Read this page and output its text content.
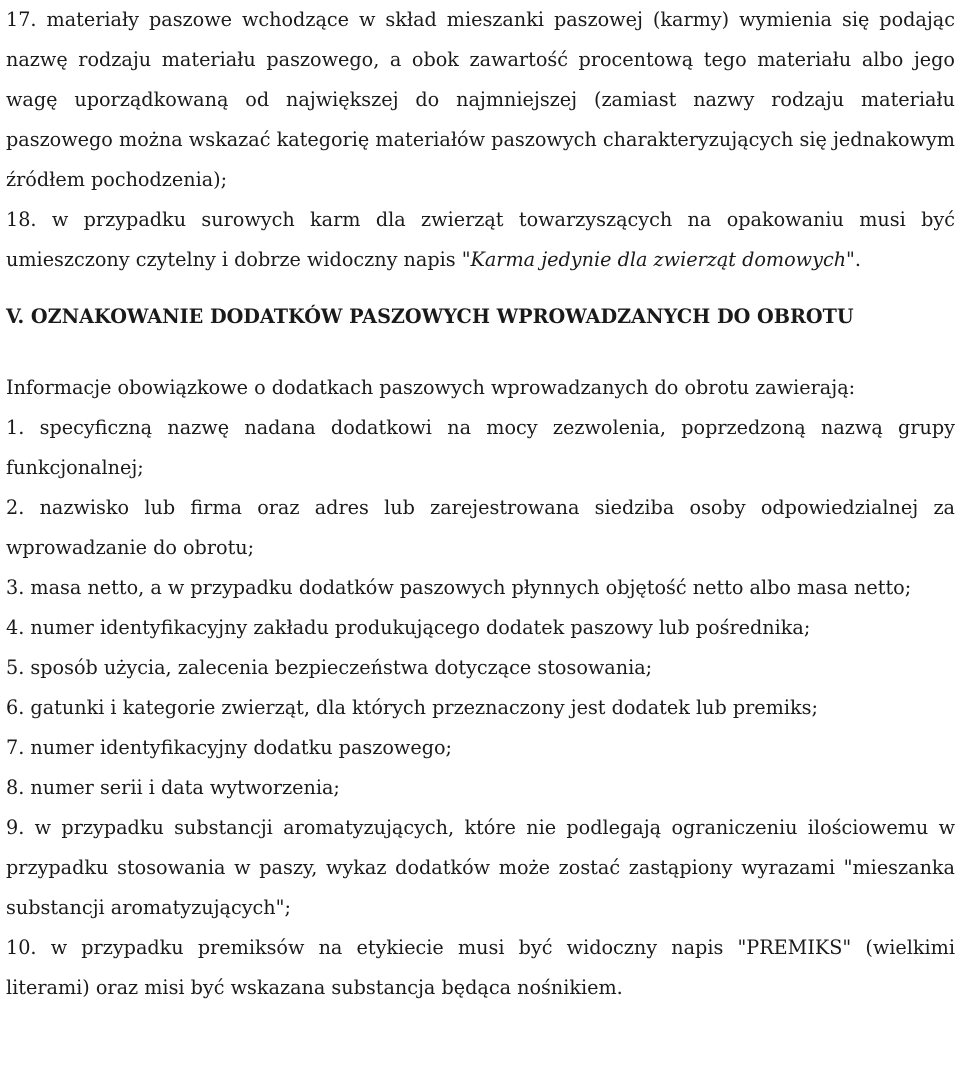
17. materiały paszowe wchodzące w skład mieszanki paszowej (karmy) wymienia się podając nazwę rodzaju materiału paszowego, a obok zawartość procentową tego materiału albo jego wagę uporządkowaną od największej do najmniejszej (zamiast nazwy rodzaju materiału paszowego można wskazać kategorię materiałów paszowych charakteryzujących się jednakowym źródłem pochodzenia);

18. w przypadku surowych karm dla zwierząt towarzyszących na opakowaniu musi być umieszczony czytelny i dobrze widoczny napis "Karma jedynie dla zwierząt domowych".

V. OZNAKOWANIE DODATKÓW PASZOWYCH WPROWADZANYCH DO OBROTU

Informacje obowiązkowe o dodatkach paszowych wprowadzanych do obrotu zawierają:

1. specyficzną nazwę nadana dodatkowi na mocy zezwolenia, poprzedzoną nazwą grupy funkcjonalnej;

2. nazwisko lub firma oraz adres lub zarejestrowana siedziba osoby odpowiedzialnej za wprowadzanie do obrotu;

3. masa netto, a w przypadku dodatków paszowych płynnych objętość netto albo masa netto;

4. numer identyfikacyjny zakładu produkującego dodatek paszowy lub pośrednika;

5. sposób użycia, zalecenia bezpieczeństwa dotyczące stosowania;

6. gatunki i kategorie zwierząt, dla których przeznaczony jest dodatek lub premiks;

7. numer identyfikacyjny dodatku paszowego;

8. numer serii i data wytworzenia;

9. w przypadku substancji aromatyzujących, które nie podlegają ograniczeniu ilościowemu w przypadku stosowania w paszy, wykaz dodatków może zostać zastąpiony wyrazami "mieszanka substancji aromatyzujących";

10. w przypadku premiksów na etykiecie musi być widoczny napis "PREMIKS" (wielkimi literami) oraz misi być wskazana substancja będąca nośnikiem.
